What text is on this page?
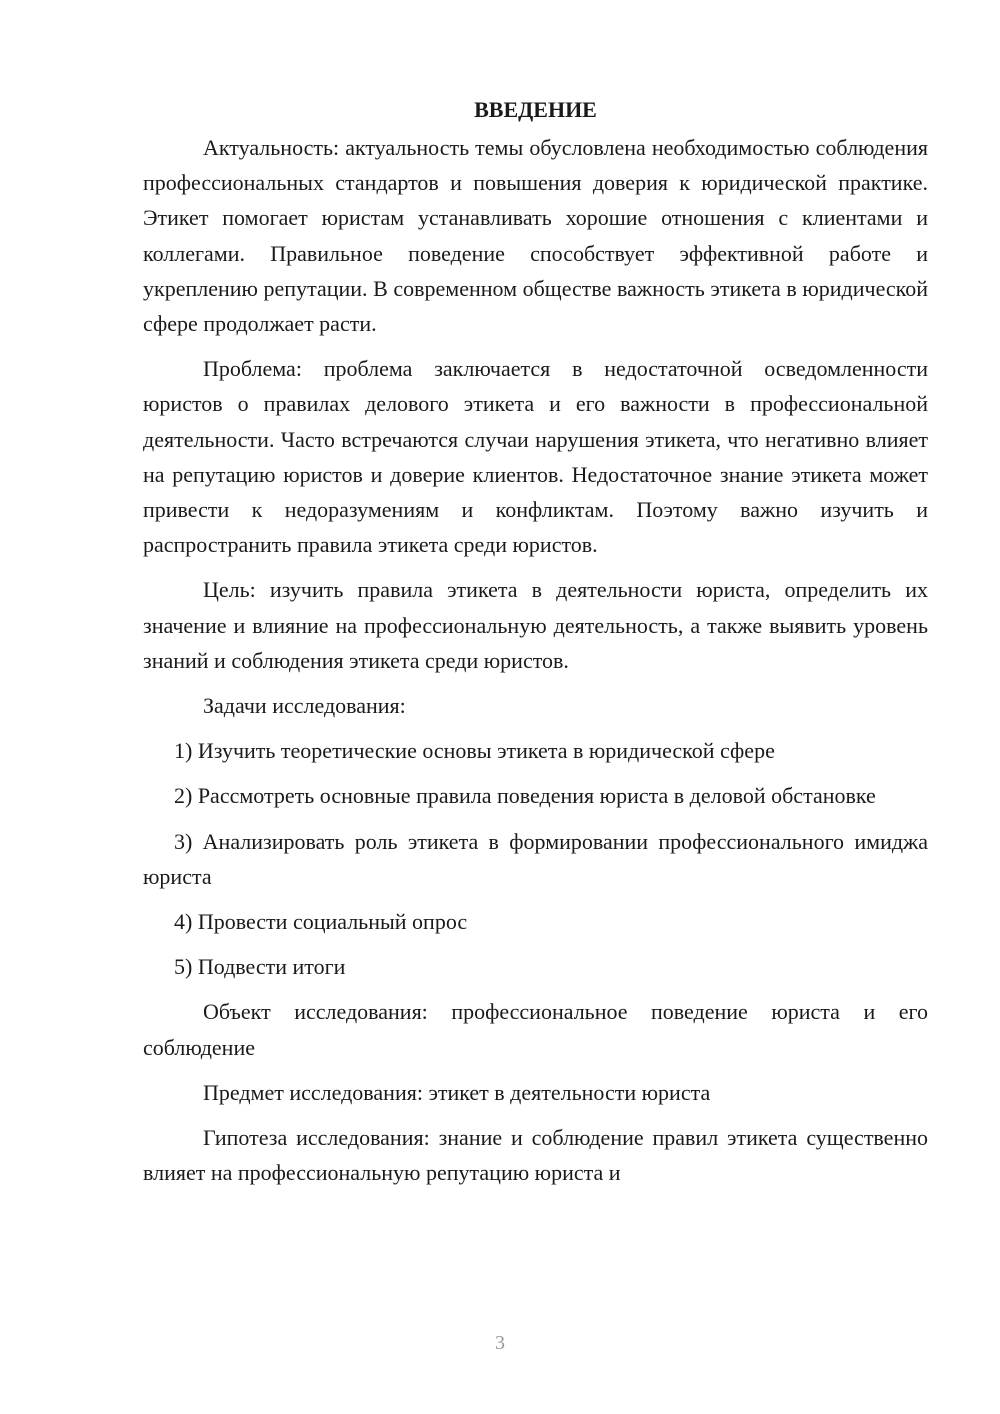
ВВЕДЕНИЕ

Актуальность: актуальность темы обусловлена необходимостью соблюдения профессиональных стандартов и повышения доверия к юридической практике. Этикет помогает юристам устанавливать хорошие отношения с клиентами и коллегами. Правильное поведение способствует эффективной работе и укреплению репутации. В современном обществе важность этикета в юридической сфере продолжает расти.

Проблема: проблема заключается в недостаточной осведомленности юристов о правилах делового этикета и его важности в профессиональной деятельности. Часто встречаются случаи нарушения этикета, что негативно влияет на репутацию юристов и доверие клиентов. Недостаточное знание этикета может привести к недоразумениям и конфликтам. Поэтому важно изучить и распространить правила этикета среди юристов.

Цель: изучить правила этикета в деятельности юриста, определить их значение и влияние на профессиональную деятельность, а также выявить уровень знаний и соблюдения этикета среди юристов.

Задачи исследования:

1) Изучить теоретические основы этикета в юридической сфере

2) Рассмотреть основные правила поведения юриста в деловой обстановке

3) Анализировать роль этикета в формировании профессионального имиджа юриста

4) Провести социальный опрос

5) Подвести итоги

Объект исследования: профессиональное поведение юриста и его соблюдение

Предмет исследования: этикет в деятельности юриста

Гипотеза исследования: знание и соблюдение правил этикета существенно влияет на профессиональную репутацию юриста и

3
